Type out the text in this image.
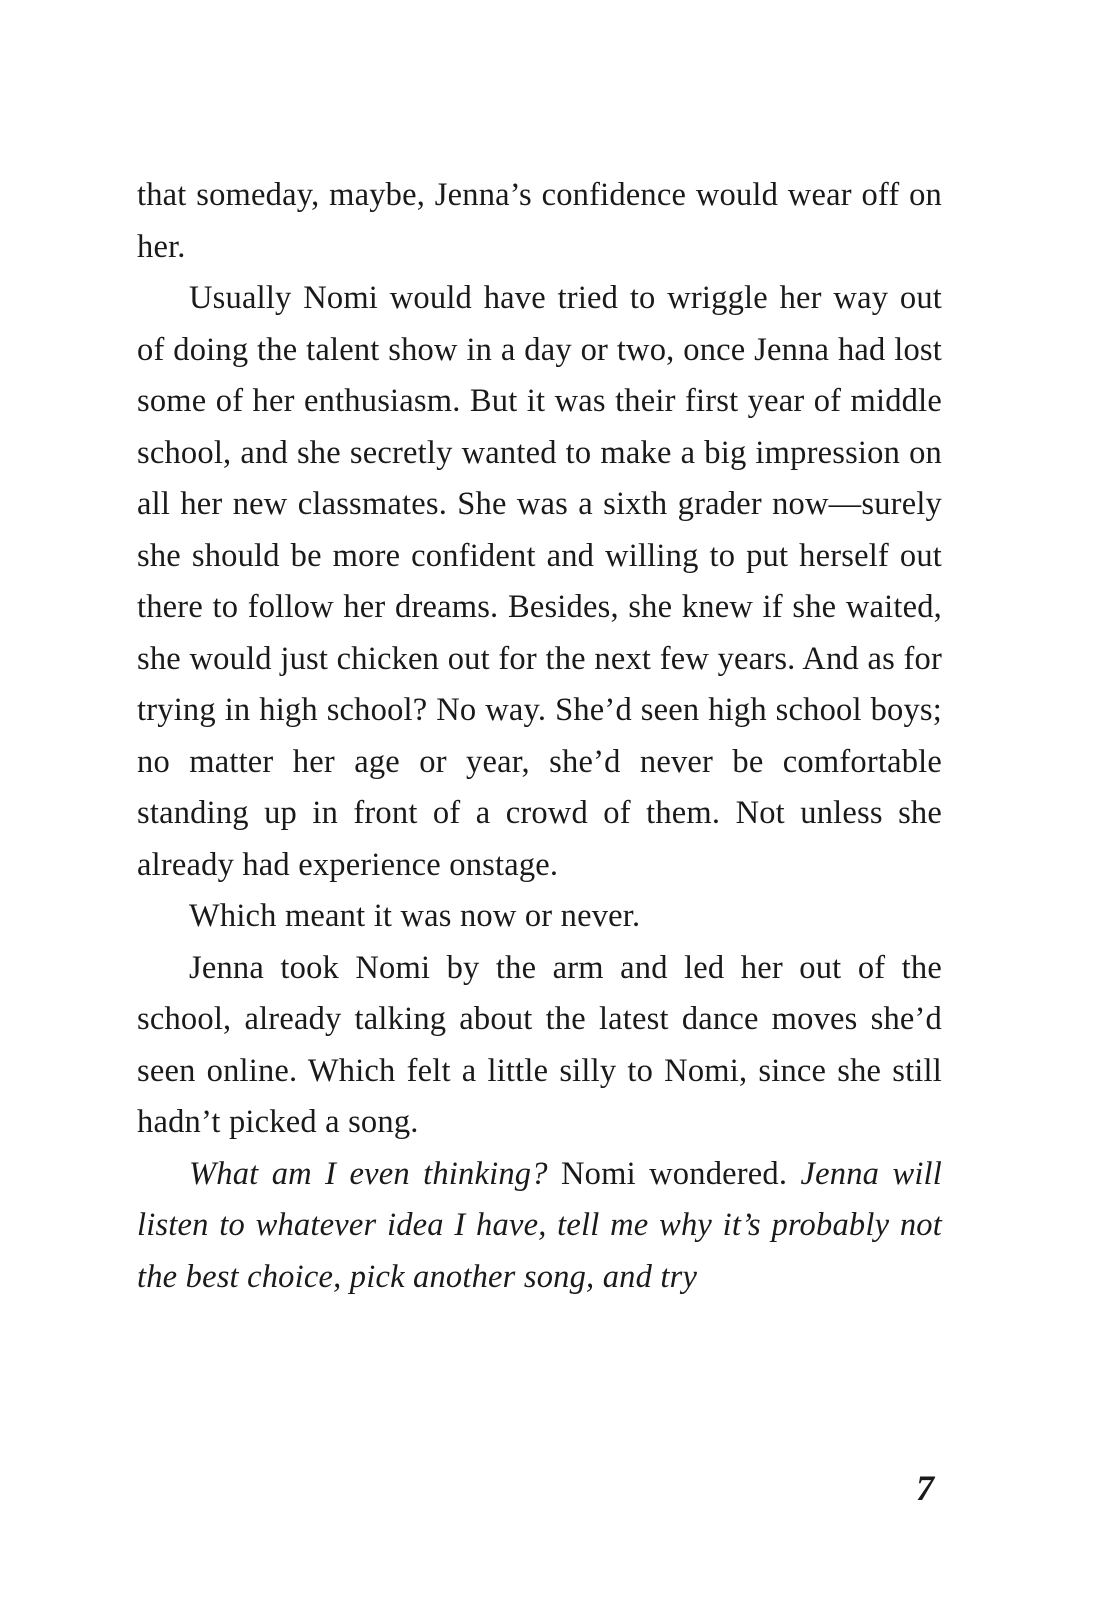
that someday, maybe, Jenna’s confidence would wear off on her.

Usually Nomi would have tried to wriggle her way out of doing the talent show in a day or two, once Jenna had lost some of her enthusiasm. But it was their first year of middle school, and she secretly wanted to make a big impression on all her new classmates. She was a sixth grader now—surely she should be more confident and willing to put herself out there to follow her dreams. Besides, she knew if she waited, she would just chicken out for the next few years. And as for trying in high school? No way. She’d seen high school boys; no matter her age or year, she’d never be comfortable standing up in front of a crowd of them. Not unless she already had experience onstage.

Which meant it was now or never.

Jenna took Nomi by the arm and led her out of the school, already talking about the latest dance moves she’d seen online. Which felt a little silly to Nomi, since she still hadn’t picked a song.

What am I even thinking? Nomi wondered. Jenna will listen to whatever idea I have, tell me why it’s probably not the best choice, pick another song, and try

7
